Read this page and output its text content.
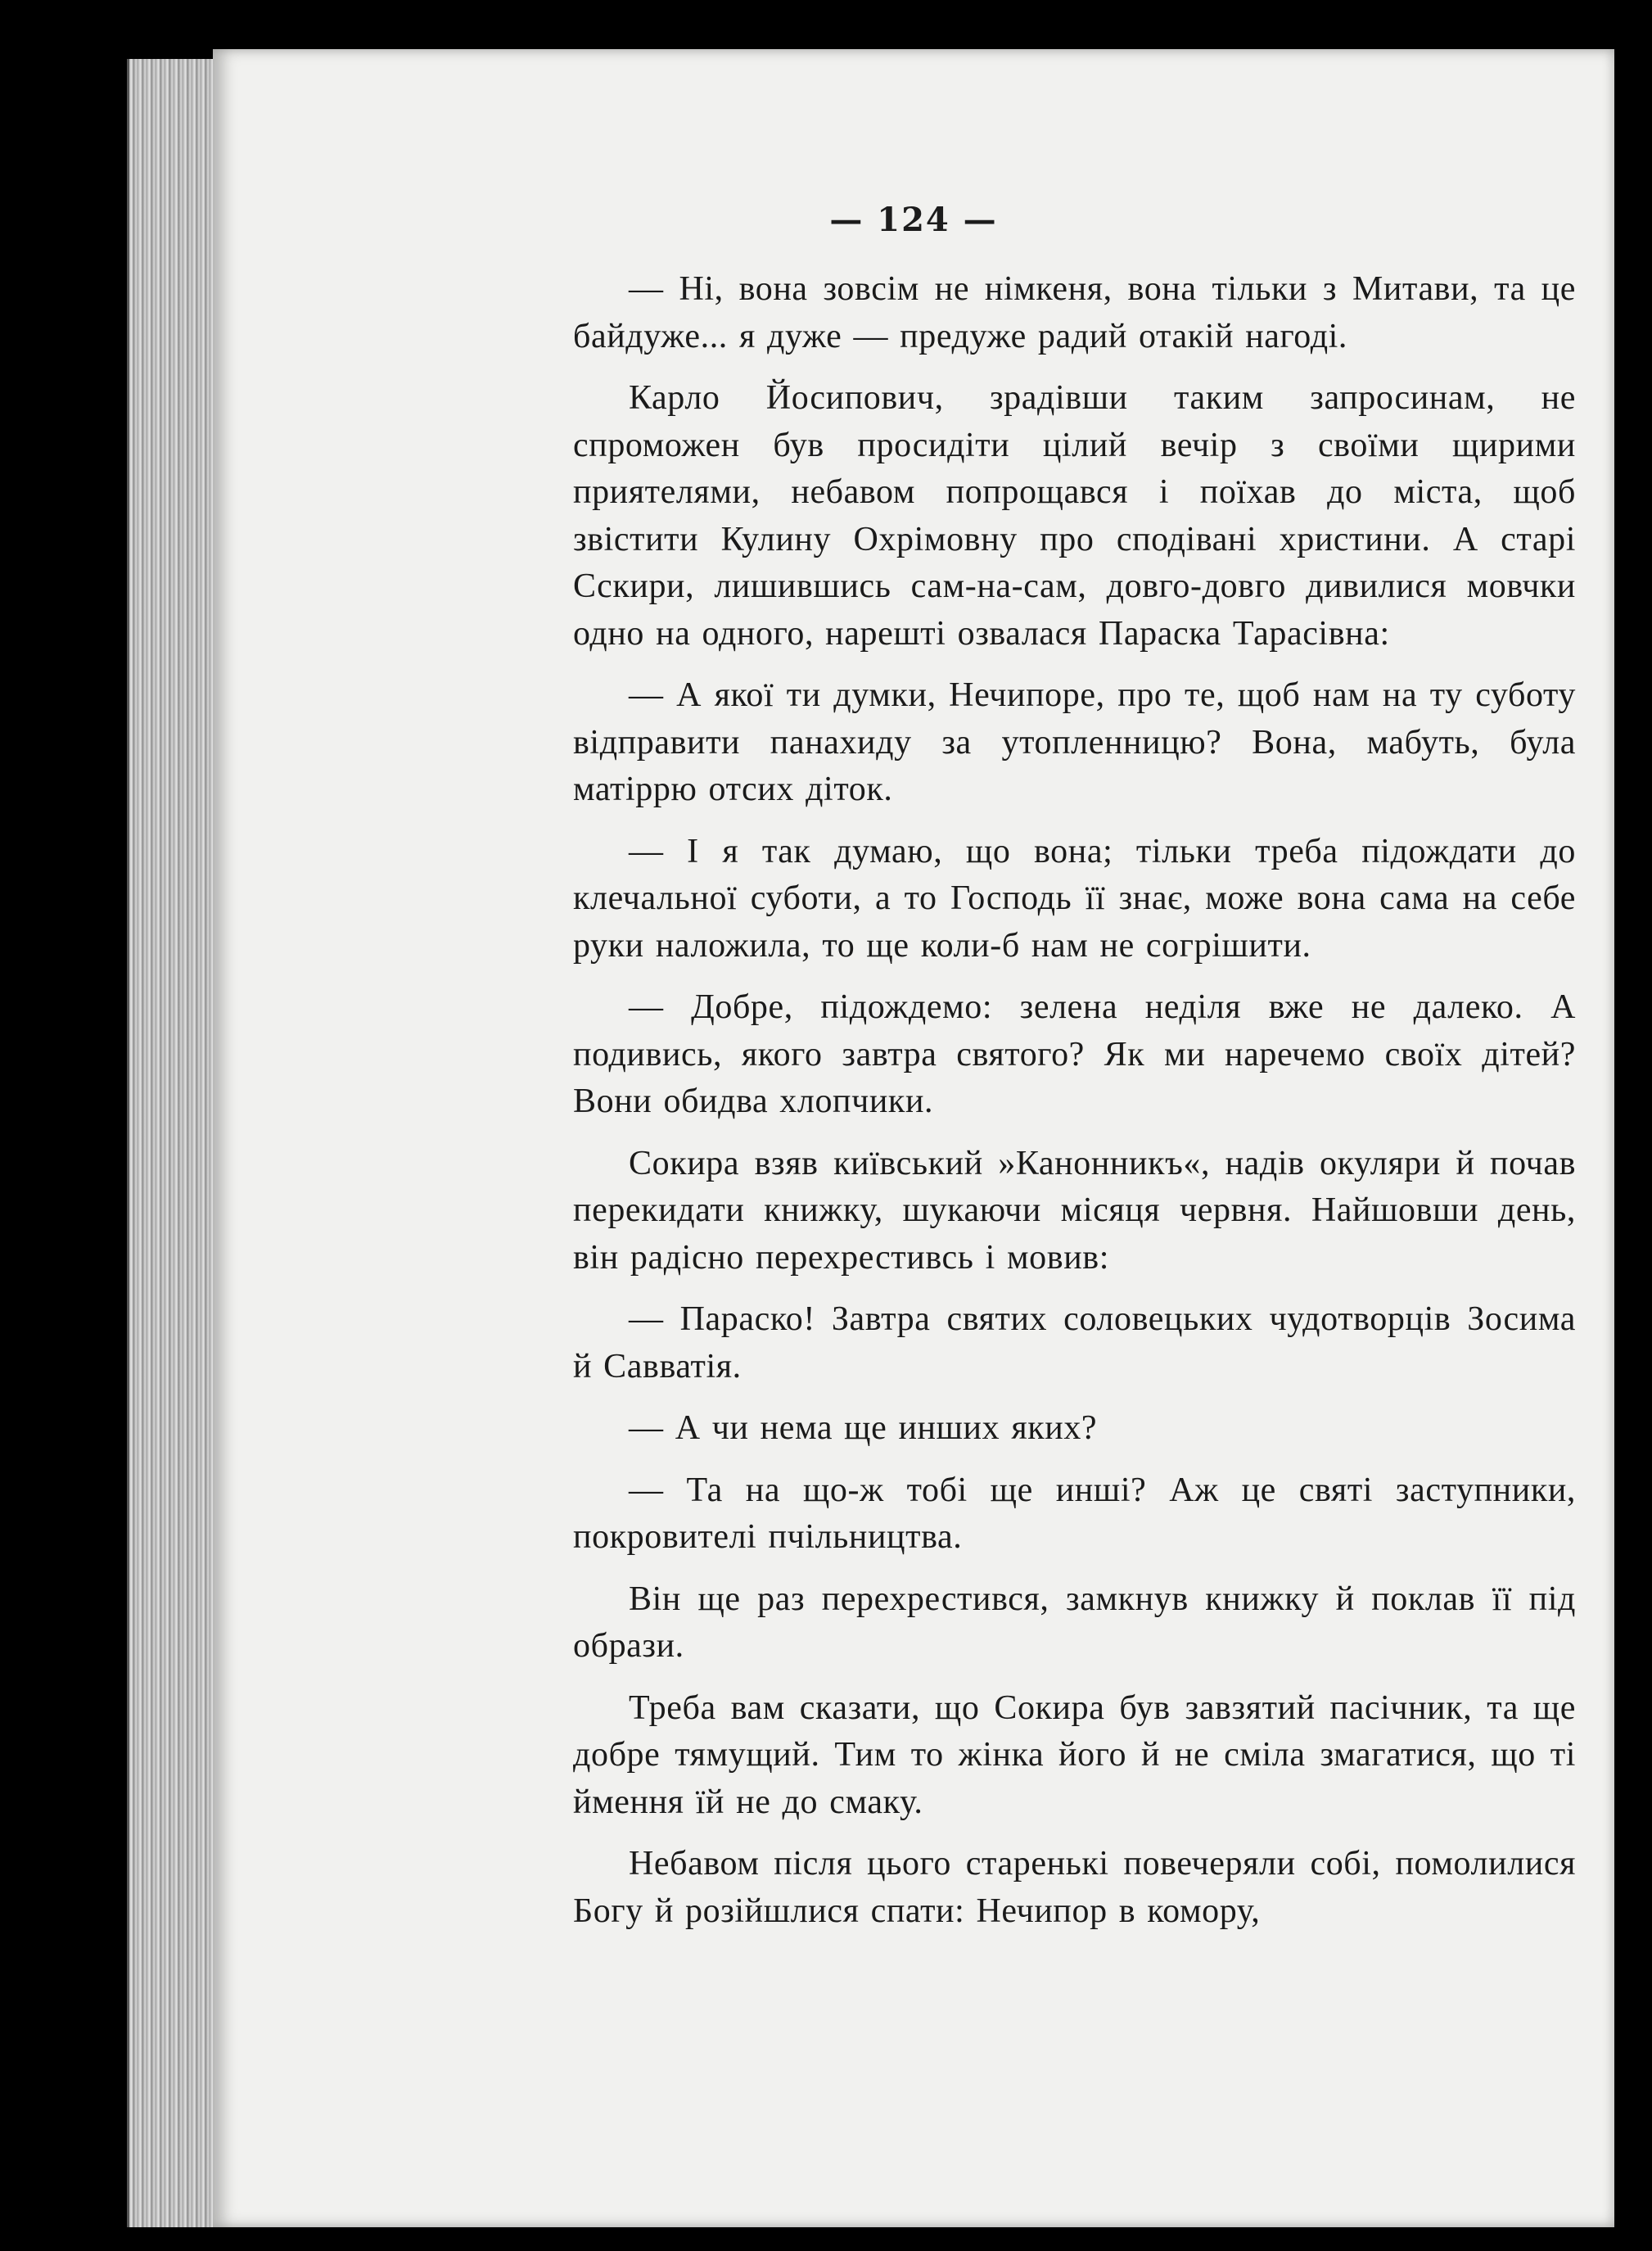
— 124 —

— Ні, вона зовсім не німкеня, вона тільки з Митави, та це байдуже... я дуже — предуже радий отакій нагоді.

Карло Йосипович, зрадівши таким запросинам, не спроможен був просидіти цілий вечір з своїми щирими приятелями, небавом попрощався і поїхав до міста, щоб звістити Кулину Охрімовну про сподівані христини. А старі Сскири, лишившись сам-на-сам, довго-довго дивилися мовчки одно на одного, нарешті озвалася Параска Тарасівна:

— А якої ти думки, Нечипоре, про те, щоб нам на ту суботу відправити панахиду за утопленницю? Вона, мабуть, була матіррю отсих діток.

— І я так думаю, що вона; тільки треба підождати до клечальної суботи, а то Господь її знає, може вона сама на себе руки наложила, то ще коли-б нам не согрішити.

— Добре, підождемо: зелена неділя вже не далеко. А подивись, якого завтра святого? Як ми наречемо своїх дітей? Вони обидва хлопчики.

Сокира взяв київський »Канонникъ«, надів окуляри й почав перекидати книжку, шукаючи місяця червня. Найшовши день, він радісно перехрестивсь і мовив:

— Параско! Завтра святих соловецьких чудотворців Зосима й Савватія.

— А чи нема ще инших яких?

— Та на що-ж тобі ще инші? Аж це святі заступники, покровителі пчільництва.

Він ще раз перехрестився, замкнув книжку й поклав її під образи.

Треба вам сказати, що Сокира був завзятий пасічник, та ще добре тямущий. Тим то жінка його й не сміла змагатися, що ті ймення їй не до смаку.

Небавом після цього старенькі повечеряли собі, помолилися Богу й розійшлися спати: Нечипор в комору,
